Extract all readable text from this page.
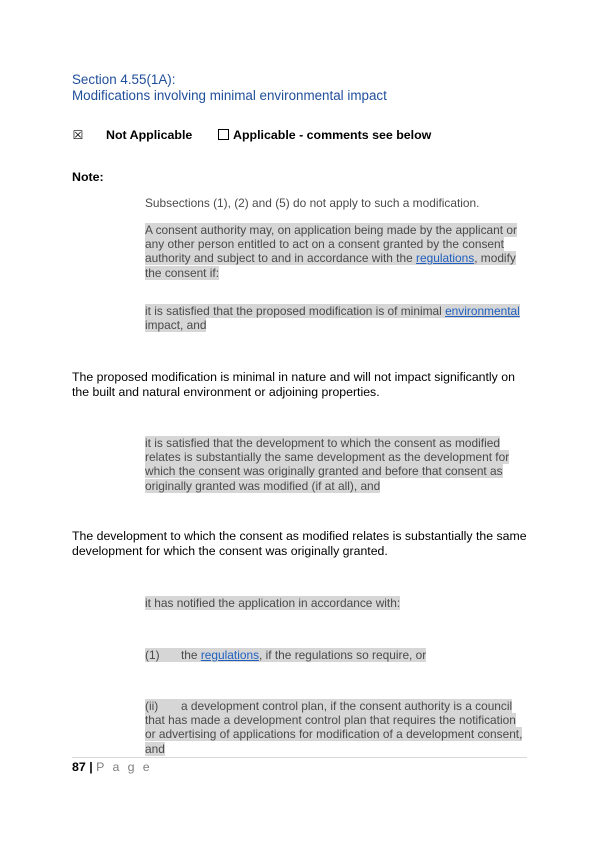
Section 4.55(1A):
Modifications involving minimal environmental impact
☒ Not Applicable	Applicable - comments see below
Note:

Subsections (1), (2) and (5) do not apply to such a modification.

A consent authority may, on application being made by the applicant or any other person entitled to act on a consent granted by the consent authority and subject to and in accordance with the regulations, modify the consent if:

it is satisfied that the proposed modification is of minimal environmental impact, and

The proposed modification is minimal in nature and will not impact significantly on the built and natural environment or adjoining properties.

it is satisfied that the development to which the consent as modified relates is substantially the same development as the development for which the consent was originally granted and before that consent as originally granted was modified (if at all), and

The development to which the consent as modified relates is substantially the same development for which the consent was originally granted.

it has notified the application in accordance with:

(1) the regulations, if the regulations so require, or

(ii) a development control plan, if the consent authority is a council that has made a development control plan that requires the notification or advertising of applications for modification of a development consent, and

87 | P a g e
